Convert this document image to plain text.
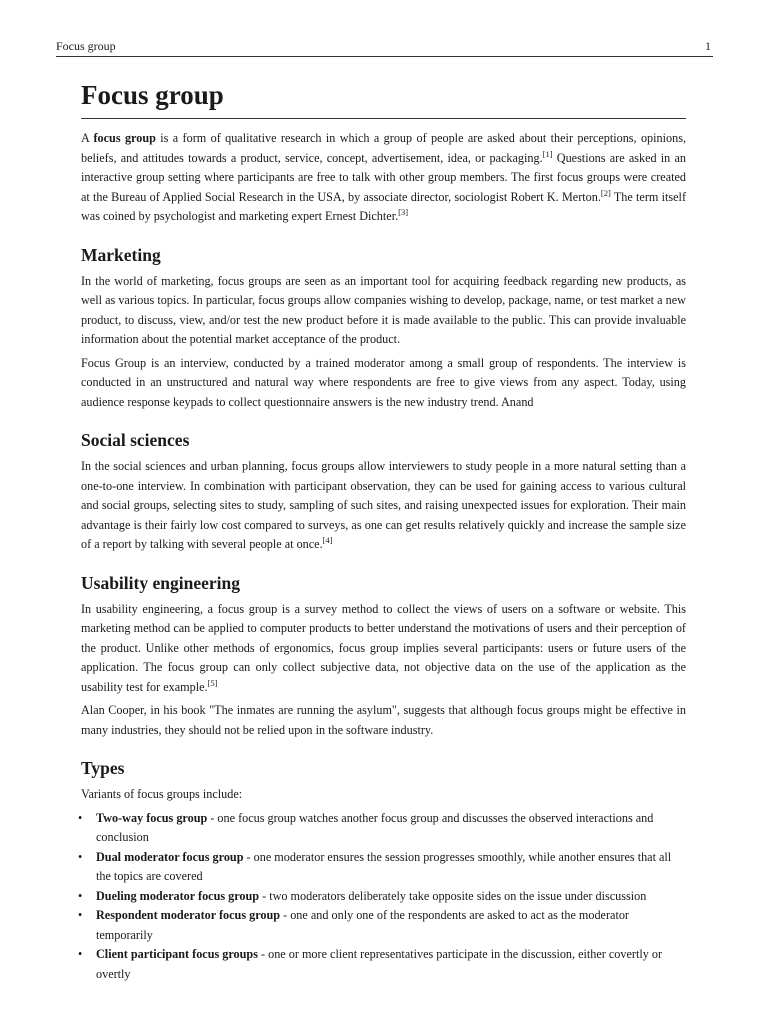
Focus group	1
Focus group

A focus group is a form of qualitative research in which a group of people are asked about their perceptions, opinions, beliefs, and attitudes towards a product, service, concept, advertisement, idea, or packaging.[1] Questions are asked in an interactive group setting where participants are free to talk with other group members. The first focus groups were created at the Bureau of Applied Social Research in the USA, by associate director, sociologist Robert K. Merton.[2] The term itself was coined by psychologist and marketing expert Ernest Dichter.[3]

Marketing

In the world of marketing, focus groups are seen as an important tool for acquiring feedback regarding new products, as well as various topics. In particular, focus groups allow companies wishing to develop, package, name, or test market a new product, to discuss, view, and/or test the new product before it is made available to the public. This can provide invaluable information about the potential market acceptance of the product.

Focus Group is an interview, conducted by a trained moderator among a small group of respondents. The interview is conducted in an unstructured and natural way where respondents are free to give views from any aspect. Today, using audience response keypads to collect questionnaire answers is the new industry trend. Anand

Social sciences

In the social sciences and urban planning, focus groups allow interviewers to study people in a more natural setting than a one-to-one interview. In combination with participant observation, they can be used for gaining access to various cultural and social groups, selecting sites to study, sampling of such sites, and raising unexpected issues for exploration. Their main advantage is their fairly low cost compared to surveys, as one can get results relatively quickly and increase the sample size of a report by talking with several people at once.[4]

Usability engineering

In usability engineering, a focus group is a survey method to collect the views of users on a software or website. This marketing method can be applied to computer products to better understand the motivations of users and their perception of the product. Unlike other methods of ergonomics, focus group implies several participants: users or future users of the application. The focus group can only collect subjective data, not objective data on the use of the application as the usability test for example.[5]

Alan Cooper, in his book "The inmates are running the asylum", suggests that although focus groups might be effective in many industries, they should not be relied upon in the software industry.

Types

Variants of focus groups include:

• Two-way focus group - one focus group watches another focus group and discusses the observed interactions and conclusion
• Dual moderator focus group - one moderator ensures the session progresses smoothly, while another ensures that all the topics are covered
• Dueling moderator focus group - two moderators deliberately take opposite sides on the issue under discussion
• Respondent moderator focus group - one and only one of the respondents are asked to act as the moderator temporarily
• Client participant focus groups - one or more client representatives participate in the discussion, either covertly or overtly
